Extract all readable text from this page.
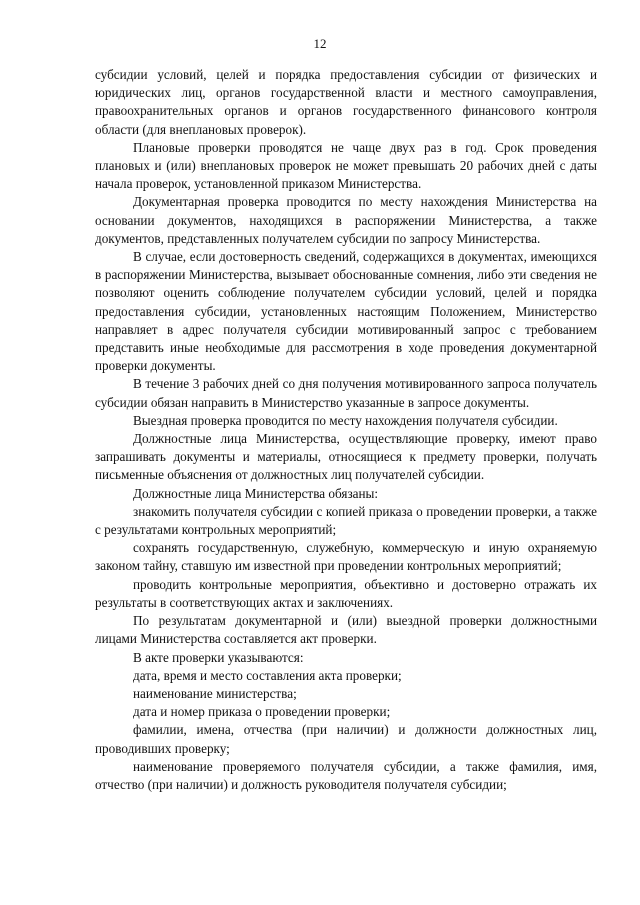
12

субсидии условий, целей и порядка предоставления субсидии от физических и юридических лиц, органов государственной власти и местного самоуправления, правоохранительных органов и органов государственного финансового контроля области (для внеплановых проверок).

Плановые проверки проводятся не чаще двух раз в год. Срок проведения плановых и (или) внеплановых проверок не может превышать 20 рабочих дней с даты начала проверок, установленной приказом Министерства.

Документарная проверка проводится по месту нахождения Министерства на основании документов, находящихся в распоряжении Министерства, а также документов, представленных получателем субсидии по запросу Министерства.

В случае, если достоверность сведений, содержащихся в документах, имеющихся в распоряжении Министерства, вызывает обоснованные сомнения, либо эти сведения не позволяют оценить соблюдение получателем субсидии условий, целей и порядка предоставления субсидии, установленных настоящим Положением, Министерство направляет в адрес получателя субсидии мотивированный запрос с требованием представить иные необходимые для рассмотрения в ходе проведения документарной проверки документы.

В течение 3 рабочих дней со дня получения мотивированного запроса получатель субсидии обязан направить в Министерство указанные в запросе документы.

Выездная проверка проводится по месту нахождения получателя субсидии.

Должностные лица Министерства, осуществляющие проверку, имеют право запрашивать документы и материалы, относящиеся к предмету проверки, получать письменные объяснения от должностных лиц получателей субсидии.

Должностные лица Министерства обязаны:

знакомить получателя субсидии с копией приказа о проведении проверки, а также с результатами контрольных мероприятий;

сохранять государственную, служебную, коммерческую и иную охраняемую законом тайну, ставшую им известной при проведении контрольных мероприятий;

проводить контрольные мероприятия, объективно и достоверно отражать их результаты в соответствующих актах и заключениях.

По результатам документарной и (или) выездной проверки должностными лицами Министерства составляется акт проверки.

В акте проверки указываются:

дата, время и место составления акта проверки;

наименование министерства;

дата и номер приказа о проведении проверки;

фамилии, имена, отчества (при наличии) и должности должностных лиц, проводивших проверку;

наименование проверяемого получателя субсидии, а также фамилия, имя, отчество (при наличии) и должность руководителя получателя субсидии;
